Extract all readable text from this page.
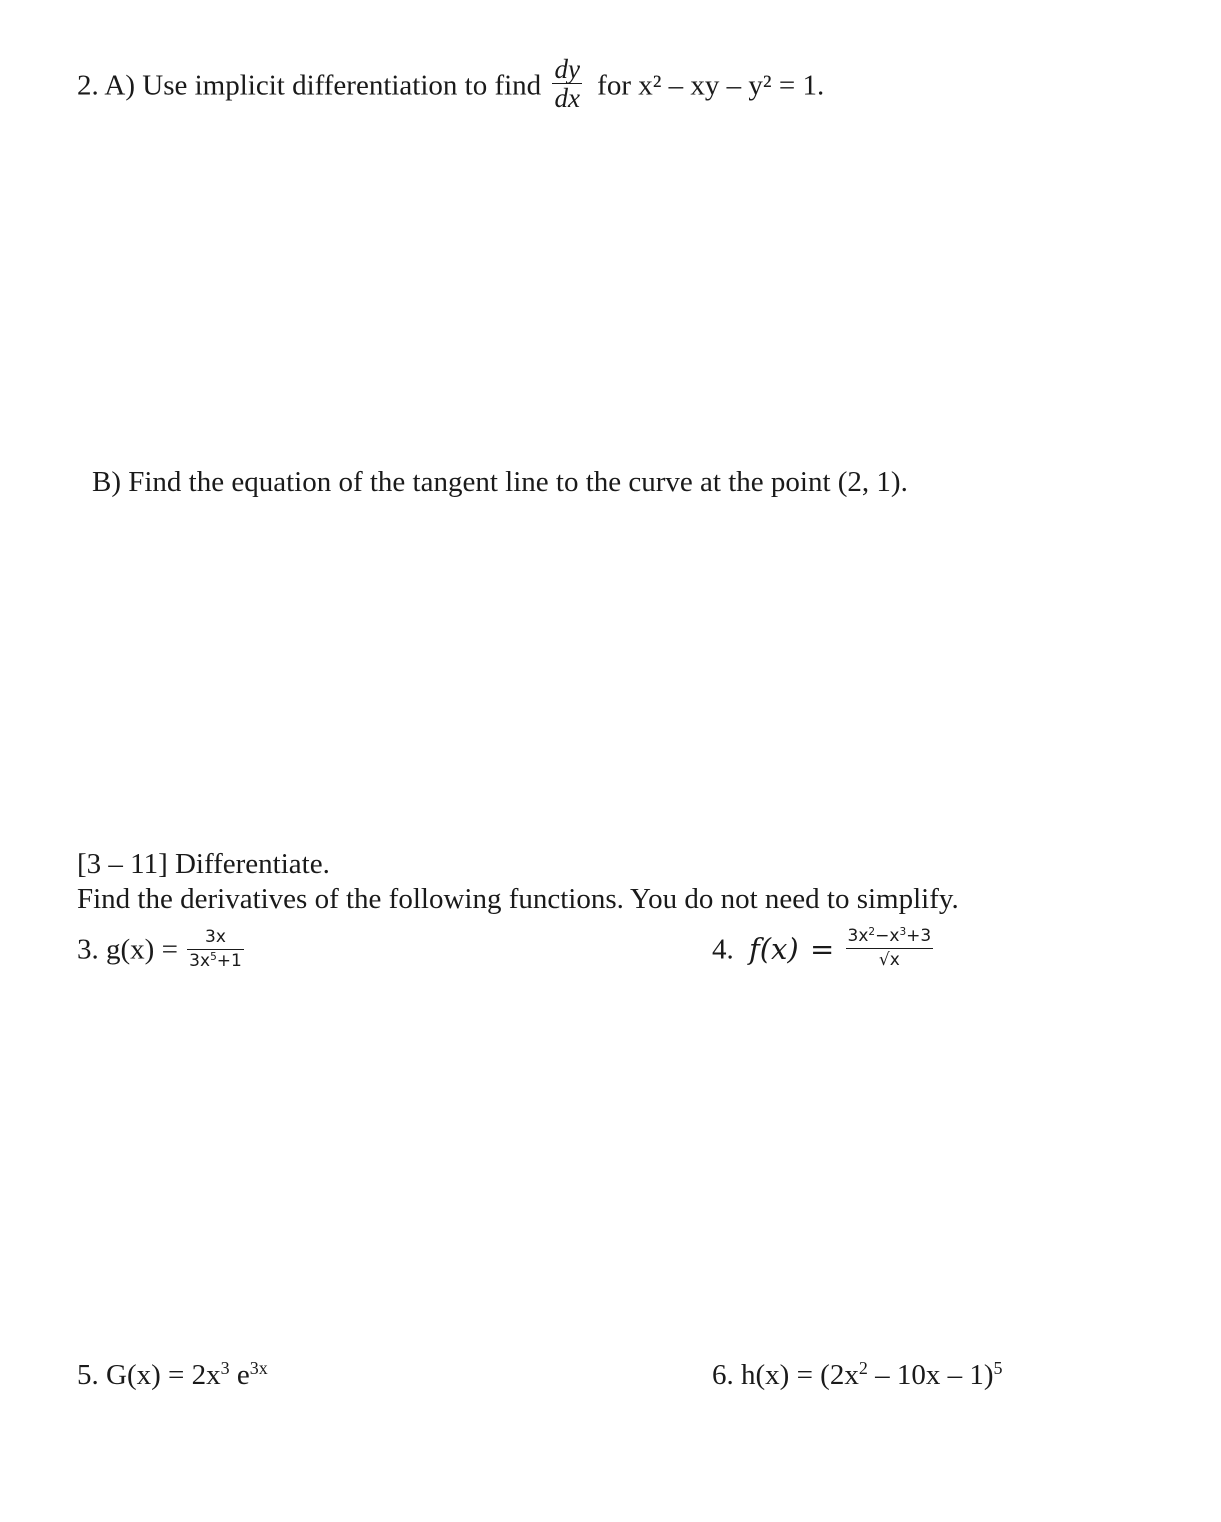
2. A) Use implicit differentiation to find $\frac{dy}{dx}$ for x² – xy – y² = 1.
B) Find the equation of the tangent line to the curve at the point (2, 1).
[3 – 11] Differentiate.
Find the derivatives of the following functions. You do not need to simplify.
3. $g(x) = \frac{3x}{3x^5+1}$	4. $f(x) = \frac{3x^2-x^3+3}{√x}$
5. $G(x) = 2x^3$ $e^{3x}$	6. $h(x) = (2x^2 - 10x - 1)^5$
